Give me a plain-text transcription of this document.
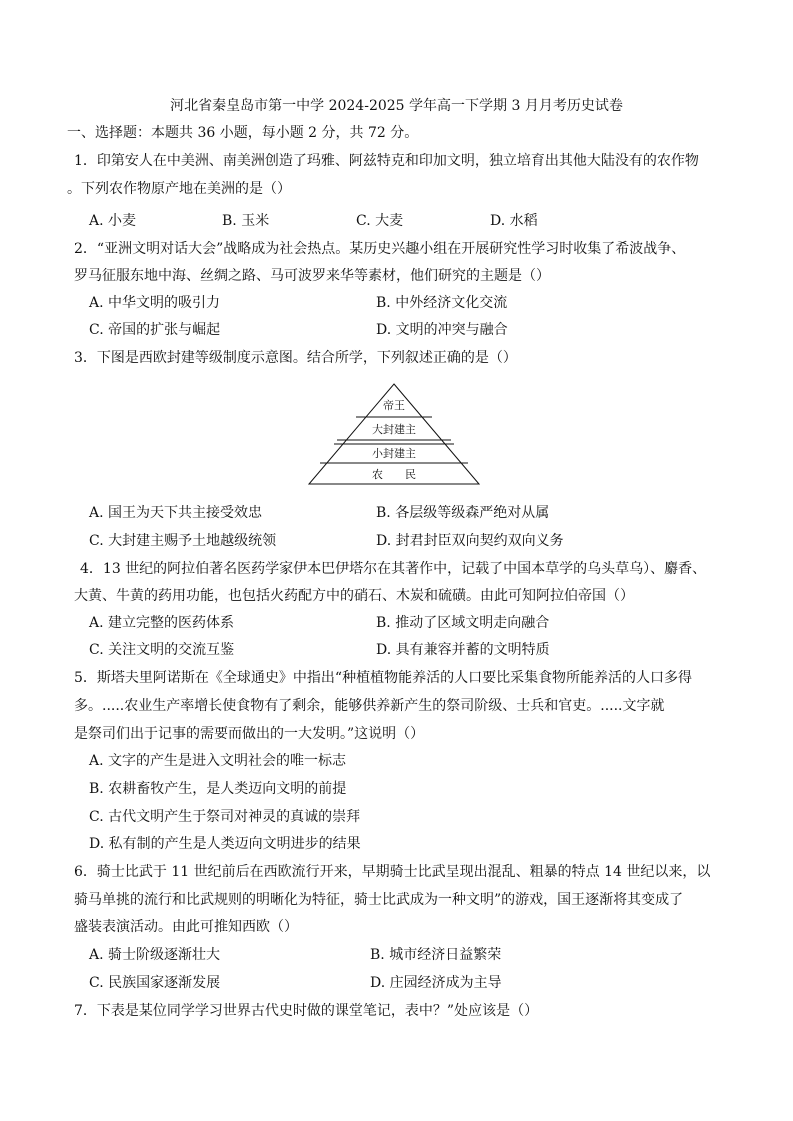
河北省秦皇岛市第一中学 2024-2025 学年高一下学期 3 月月考历史试卷
一、选择题：本题共 36 小题，每小题 2 分，共 72 分。
1．印第安人在中美洲、南美洲创造了玛雅、阿兹特克和印加文明，独立培育出其他大陆没有的农作物
。下列农作物原产地在美洲的是（）
A. 小麦	B. 玉米	C. 大麦	D. 水稻
2．“亚洲文明对话大会”战略成为社会热点。某历史兴趣小组在开展研究性学习时收集了希波战争、
罗马征服东地中海、丝绸之路、马可波罗来华等素材，他们研究的主题是（）
A. 中华文明的吸引力	B. 中外经济文化交流
C. 帝国的扩张与崛起	D. 文明的冲突与融合
3．下图是西欧封建等级制度示意图。结合所学，下列叙述正确的是（）
帝王
大封建主
小封建主
农　　民
A. 国王为天下共主接受效忠	B. 各层级等级森严绝对从属
C. 大封建主赐予土地越级统领	D. 封君封臣双向契约双向义务
4．13 世纪的阿拉伯著名医药学家伊本巴伊塔尔在其著作中，记载了中国本草学的乌头草乌）、麝香、
大黄、牛黄的药用功能，也包括火药配方中的硝石、木炭和硫磺。由此可知阿拉伯帝国（）
A. 建立完整的医药体系	B. 推动了区域文明走向融合
C. 关注文明的交流互鉴	D. 具有兼容并蓄的文明特质
5．斯塔夫里阿诺斯在《全球通史》中指出“种植植物能养活的人口要比采集食物所能养活的人口多得
多。.....农业生产率增长使食物有了剩余，能够供养新产生的祭司阶级、士兵和官吏。.....文字就
是祭司们出于记事的需要而做出的一大发明。”这说明（）
A. 文字的产生是进入文明社会的唯一标志
B. 农耕畜牧产生，是人类迈向文明的前提
C. 古代文明产生于祭司对神灵的真诚的崇拜
D. 私有制的产生是人类迈向文明进步的结果
6．骑士比武于 11 世纪前后在西欧流行开来，早期骑士比武呈现出混乱、粗暴的特点 14 世纪以来，以
骑马单挑的流行和比武规则的明晰化为特征，骑士比武成为一种文明”的游戏，国王逐渐将其变成了
盛装表演活动。由此可推知西欧（）
A. 骑士阶级逐渐壮大	B. 城市经济日益繁荣
C. 民族国家逐渐发展	D. 庄园经济成为主导
7．下表是某位同学学习世界古代史时做的课堂笔记，表中？”处应该是（）
